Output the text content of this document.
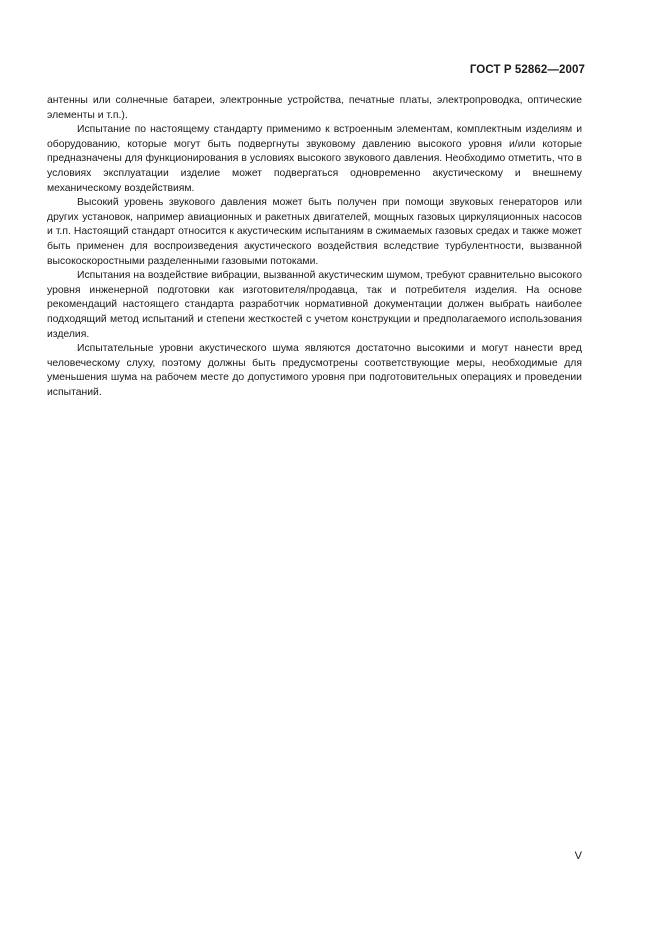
ГОСТ Р 52862—2007

антенны или солнечные батареи, электронные устройства, печатные платы, электропроводка, оптические элементы и т.п.).

Испытание по настоящему стандарту применимо к встроенным элементам, комплектным изделиям и оборудованию, которые могут быть подвергнуты звуковому давлению высокого уровня и/или которые предназначены для функционирования в условиях высокого звукового давления. Необходимо отметить, что в условиях эксплуатации изделие может подвергаться одновременно акустическому и внешнему механическому воздействиям.

Высокий уровень звукового давления может быть получен при помощи звуковых генераторов или других установок, например авиационных и ракетных двигателей, мощных газовых циркуляционных насосов и т.п. Настоящий стандарт относится к акустическим испытаниям в сжимаемых газовых средах и также может быть применен для воспроизведения акустического воздействия вследствие турбулентности, вызванной высокоскоростными разделенными газовыми потоками.

Испытания на воздействие вибрации, вызванной акустическим шумом, требуют сравнительно высокого уровня инженерной подготовки как изготовителя/продавца, так и потребителя изделия. На основе рекомендаций настоящего стандарта разработчик нормативной документации должен выбрать наиболее подходящий метод испытаний и степени жесткостей с учетом конструкции и предполагаемого использования изделия.

Испытательные уровни акустического шума являются достаточно высокими и могут нанести вред человеческому слуху, поэтому должны быть предусмотрены соответствующие меры, необходимые для уменьшения шума на рабочем месте до допустимого уровня при подготовительных операциях и проведении испытаний.

V
